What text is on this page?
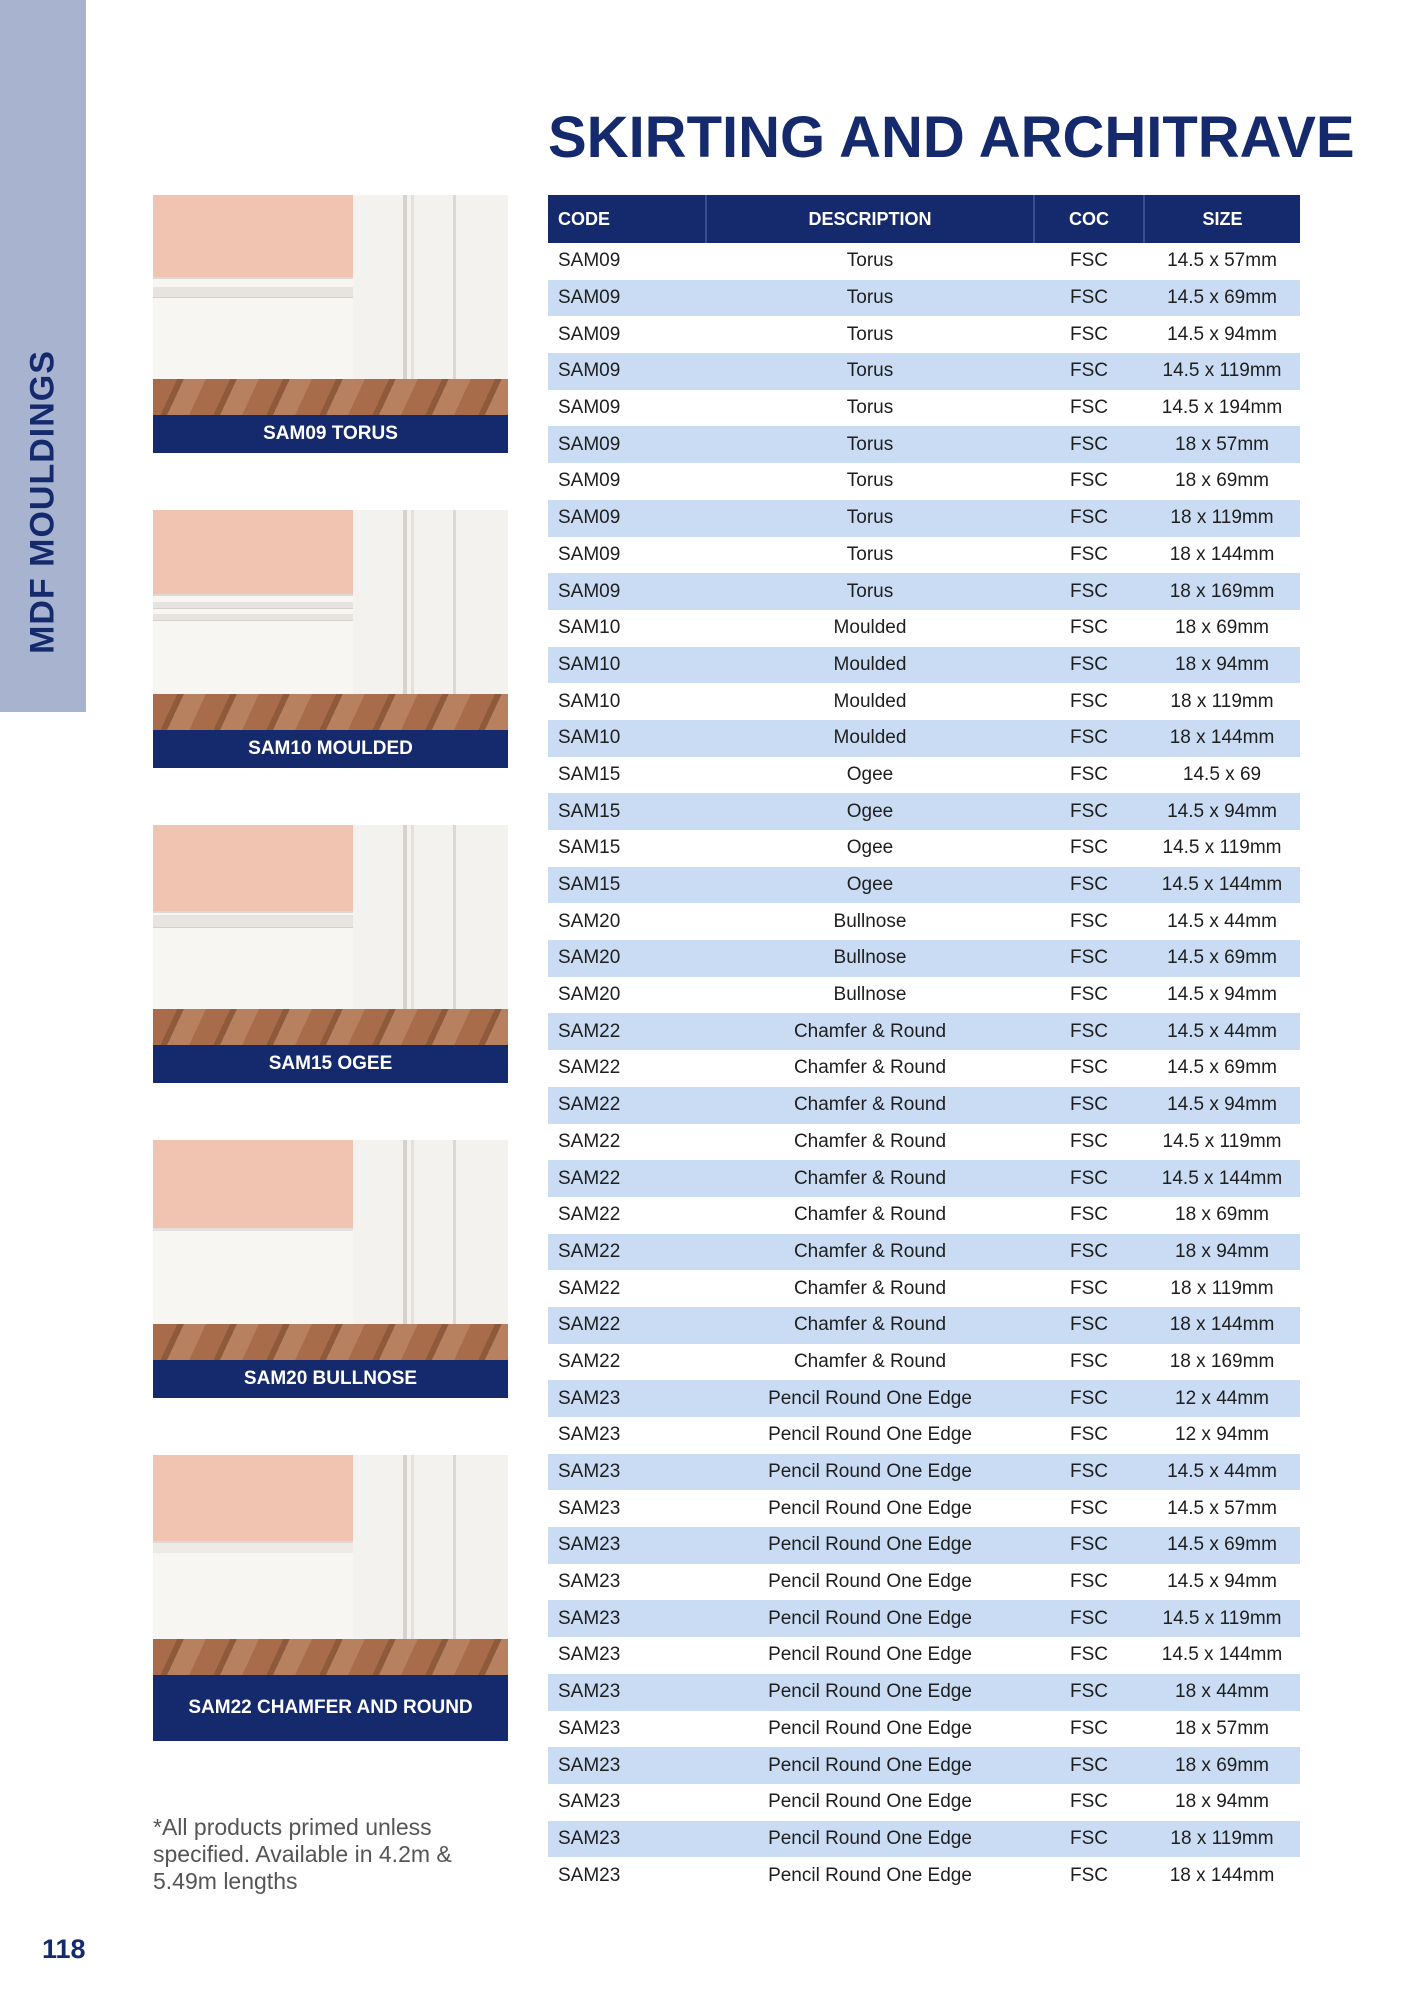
MDF MOULDINGS
SKIRTING AND ARCHITRAVE
SAM09 TORUS
SAM10 MOULDED
SAM15 OGEE
SAM20 BULLNOSE
SAM22 CHAMFER AND ROUND
CODE	DESCRIPTION	COC	SIZE
SAM09	Torus	FSC	14.5 x 57mm
SAM09	Torus	FSC	14.5 x 69mm
SAM09	Torus	FSC	14.5 x 94mm
SAM09	Torus	FSC	14.5 x 119mm
SAM09	Torus	FSC	14.5 x 194mm
SAM09	Torus	FSC	18 x 57mm
SAM09	Torus	FSC	18 x 69mm
SAM09	Torus	FSC	18 x 119mm
SAM09	Torus	FSC	18 x 144mm
SAM09	Torus	FSC	18 x 169mm
SAM10	Moulded	FSC	18 x 69mm
SAM10	Moulded	FSC	18 x 94mm
SAM10	Moulded	FSC	18 x 119mm
SAM10	Moulded	FSC	18 x 144mm
SAM15	Ogee	FSC	14.5 x 69
SAM15	Ogee	FSC	14.5 x 94mm
SAM15	Ogee	FSC	14.5 x 119mm
SAM15	Ogee	FSC	14.5 x 144mm
SAM20	Bullnose	FSC	14.5 x 44mm
SAM20	Bullnose	FSC	14.5 x 69mm
SAM20	Bullnose	FSC	14.5 x 94mm
SAM22	Chamfer & Round	FSC	14.5 x 44mm
SAM22	Chamfer & Round	FSC	14.5 x 69mm
SAM22	Chamfer & Round	FSC	14.5 x 94mm
SAM22	Chamfer & Round	FSC	14.5 x 119mm
SAM22	Chamfer & Round	FSC	14.5 x 144mm
SAM22	Chamfer & Round	FSC	18 x 69mm
SAM22	Chamfer & Round	FSC	18 x 94mm
SAM22	Chamfer & Round	FSC	18 x 119mm
SAM22	Chamfer & Round	FSC	18 x 144mm
SAM22	Chamfer & Round	FSC	18 x 169mm
SAM23	Pencil Round One Edge	FSC	12 x 44mm
SAM23	Pencil Round One Edge	FSC	12 x 94mm
SAM23	Pencil Round One Edge	FSC	14.5 x 44mm
SAM23	Pencil Round One Edge	FSC	14.5 x 57mm
SAM23	Pencil Round One Edge	FSC	14.5 x 69mm
SAM23	Pencil Round One Edge	FSC	14.5 x 94mm
SAM23	Pencil Round One Edge	FSC	14.5 x 119mm
SAM23	Pencil Round One Edge	FSC	14.5 x 144mm
SAM23	Pencil Round One Edge	FSC	18 x 44mm
SAM23	Pencil Round One Edge	FSC	18 x 57mm
SAM23	Pencil Round One Edge	FSC	18 x 69mm
SAM23	Pencil Round One Edge	FSC	18 x 94mm
SAM23	Pencil Round One Edge	FSC	18 x 119mm
SAM23	Pencil Round One Edge	FSC	18 x 144mm

*All products primed unless specified. Available in 4.2m & 5.49m lengths

118
